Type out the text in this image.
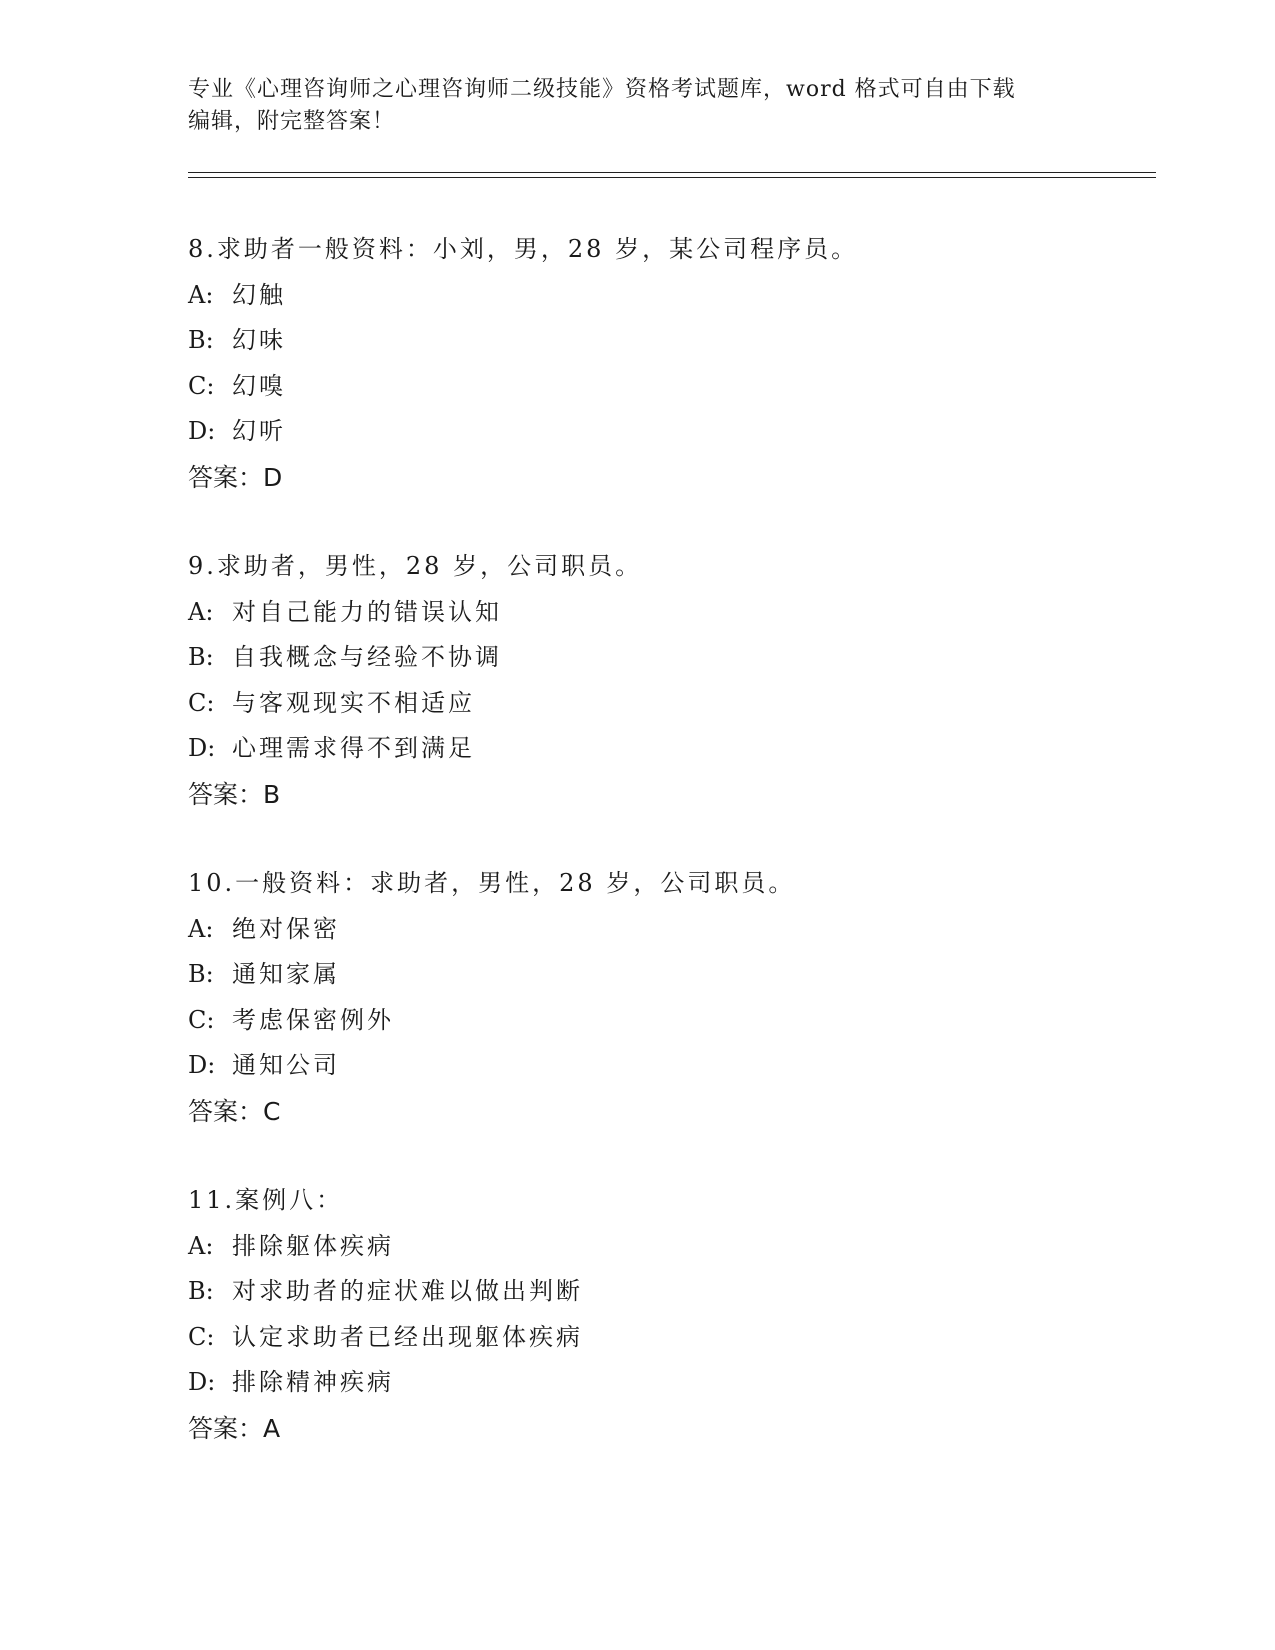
专业《心理咨询师之心理咨询师二级技能》资格考试题库，word 格式可自由下载
编辑，附完整答案！
8.求助者一般资料：小刘，男，28 岁，某公司程序员。
A: 幻触
B: 幻味
C: 幻嗅
D: 幻听
答案：D
9.求助者，男性，28 岁，公司职员。
A: 对自己能力的错误认知
B: 自我概念与经验不协调
C: 与客观现实不相适应
D: 心理需求得不到满足
答案：B
10.一般资料：求助者，男性，28 岁，公司职员。
A: 绝对保密
B: 通知家属
C: 考虑保密例外
D: 通知公司
答案：C
11.案例八：
A: 排除躯体疾病
B: 对求助者的症状难以做出判断
C: 认定求助者已经出现躯体疾病
D: 排除精神疾病
答案：A
